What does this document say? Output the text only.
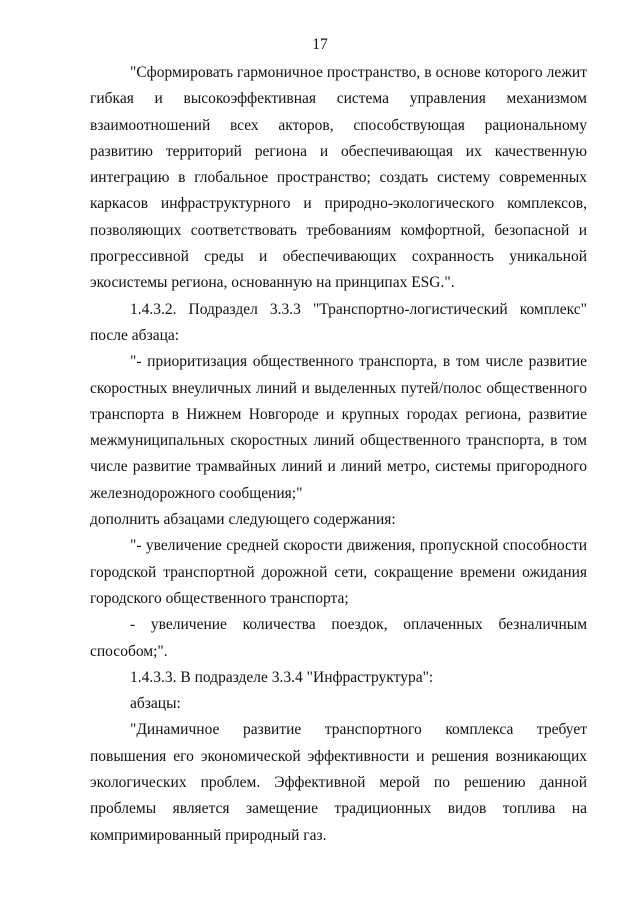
17

"Сформировать гармоничное пространство, в основе которого лежит гибкая и высокоэффективная система управления механизмом взаимоотношений всех акторов, способствующая рациональному развитию территорий региона и обеспечивающая их качественную интеграцию в глобальное пространство; создать систему современных каркасов инфраструктурного и природно-экологического комплексов, позволяющих соответствовать требованиям комфортной, безопасной и прогрессивной среды и обеспечивающих сохранность уникальной экосистемы региона, основанную на принципах ESG.".

1.4.3.2. Подраздел 3.3.3 "Транспортно-логистический комплекс" после абзаца:

"- приоритизация общественного транспорта, в том числе развитие скоростных внеуличных линий и выделенных путей/полос общественного транспорта в Нижнем Новгороде и крупных городах региона, развитие межмуниципальных скоростных линий общественного транспорта, в том числе развитие трамвайных линий и линий метро, системы пригородного железнодорожного сообщения;"

дополнить абзацами следующего содержания:

"- увеличение средней скорости движения, пропускной способности городской транспортной дорожной сети, сокращение времени ожидания городского общественного транспорта;

- увеличение количества поездок, оплаченных безналичным способом;".

1.4.3.3. В подразделе 3.3.4 "Инфраструктура":

абзацы:

"Динамичное развитие транспортного комплекса требует повышения его экономической эффективности и решения возникающих экологических проблем. Эффективной мерой по решению данной проблемы является замещение традиционных видов топлива на компримированный природный газ.
